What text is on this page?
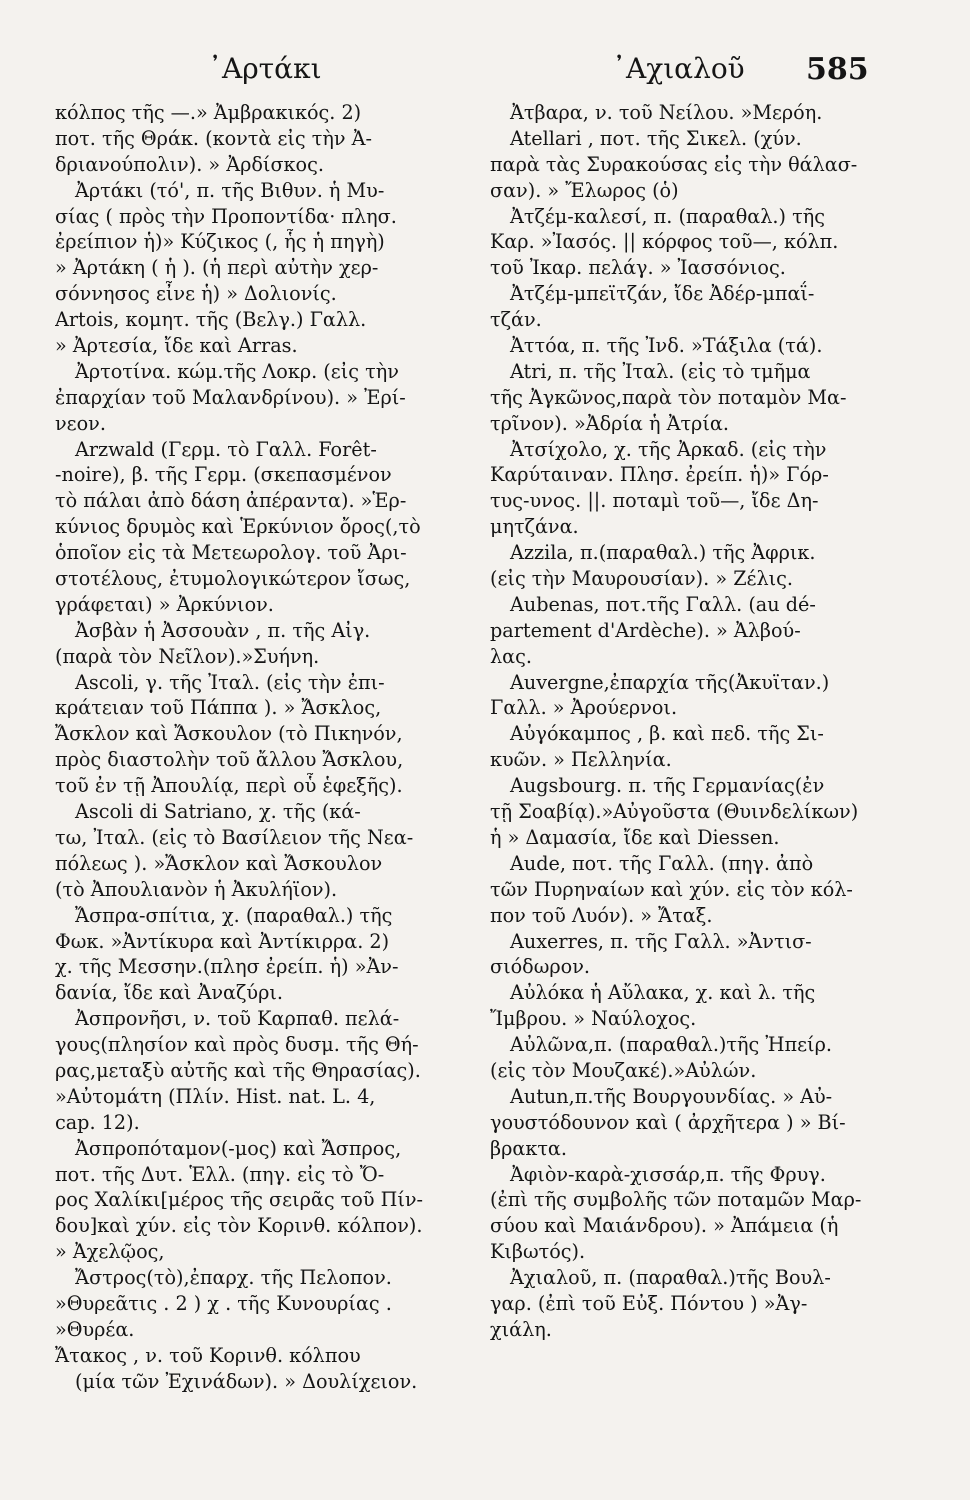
᾿Αρτάκι	᾿Αχιαλοῦ 585
κόλπος τῆς —.» Ἀμβρακικός. 2)
ποτ. τῆς Θράκ. (κοντὰ εἰς τὴν Ἀ-
δριανούπολιν). » Ἀρδίσκος.
Ἀρτάκι (τό', π. τῆς Βιθυν. ἡ Μυ-
σίας ( πρὸς τὴν Προποντίδα· πλησ.
ἐρείπιον ἡ)» Κύζικος (, ἧς ἡ πηγὴ)
» Ἀρτάκη ( ἡ ). (ἡ περὶ αὐτὴν χερ-
σόννησος εἶνε ἡ) » Δολιονίς.
Artois, κομητ. τῆς (Βελγ.) Γαλλ.
» Ἀρτεσία, ἴδε καὶ Arras.
Ἀρτοτίνα. κώμ.τῆς Λοκρ. (εἰς τὴν
ἐπαρχίαν τοῦ Μαλανδρίνου). » Ἐρί-
νεον.
Arzwald (Γερμ. τὸ Γαλλ. Forêt-
-noire), β. τῆς Γερμ. (σκεπασμένον
τὸ πάλαι ἀπὸ δάση ἀπέραντα). »Ἑρ-
κύνιος δρυμὸς καὶ Ἑρκύνιον ὄρος(,τὸ
ὁποῖον εἰς τὰ Μετεωρολογ. τοῦ Ἀρι-
στοτέλους, ἐτυμολογικώτερον ἴσως,
γράφεται) » Ἀρκύνιον.
Ἀσβὰν ἡ Ἀσσουὰν , π. τῆς Αἰγ.
(παρὰ τὸν Νεῖλον).»Συήνη.
Ascoli, γ. τῆς Ἰταλ. (εἰς τὴν ἐπι-
κράτειαν τοῦ Πάππα ). » Ἄσκλος,
Ἄσκλον καὶ Ἄσκουλον (τὸ Πικηνόν,
πρὸς διαστολὴν τοῦ ἄλλου Ἄσκλου,
τοῦ ἐν τῇ Ἀπουλίᾳ, περὶ οὗ ἑφεξῆς).
Ascoli di Satriano, χ. τῆς (κά-
τω, Ἰταλ. (εἰς τὸ Βασίλειον τῆς Νεα-
πόλεως ). »Ἄσκλον καὶ Ἄσκουλον
(τὸ Ἀπουλιανὸν ἡ Ἀκυλήϊον).
Ἄσπρα-σπίτια, χ. (παραθαλ.) τῆς
Φωκ. »Ἀντίκυρα καὶ Ἀντίκιρρα. 2)
χ. τῆς Μεσσην.(πλησ ἐρείπ. ἡ) »Ἀν-
δανία, ἴδε καὶ Ἀναζύρι.
Ἀσπρονῆσι, ν. τοῦ Καρπαθ. πελά-
γους(πλησίον καὶ πρὸς δυσμ. τῆς Θή-
ρας,μεταξὺ αὐτῆς καὶ τῆς Θηρασίας).
»Αὐτομάτη (Πλίν. Hist. nat. L. 4,
cap. 12).
Ἀσπροπόταμον(-μος) καὶ Ἄσπρος,
ποτ. τῆς Δυτ. Ἑλλ. (πηγ. εἰς τὸ Ὄ-
ρος Χαλίκι[μέρος τῆς σειρᾶς τοῦ Πίν-
δου]καὶ χύν. εἰς τὸν Κορινθ. κόλπον).
» Ἀχελῷος,
Ἄστρος(τὸ),ἐπαρχ. τῆς Πελοπον.
»Θυρεᾶτις . 2 ) χ . τῆς Κυνουρίας .
»Θυρέα.
Ἄτακος , ν. τοῦ Κορινθ. κόλπου
(μία τῶν Ἐχινάδων). » Δουλίχειον.
Ἀτβαρα, ν. τοῦ Νείλου. »Μερόη.
Atellari , ποτ. τῆς Σικελ. (χύν.
παρὰ τὰς Συρακούσας εἰς τὴν θάλασ-
σαν). » Ἔλωρος (ὁ)
Ἀτζέμ-καλεσί, π. (παραθαλ.) τῆς
Καρ. »Ἰασός. || κόρφος τοῦ—, κόλπ.
τοῦ Ἰκαρ. πελάγ. » Ἰασσόνιος.
Ἀτζέμ-μπεϊτζάν, ἴδε Ἀδέρ-μπαΐ-
τζάν.
Ἀττόα, π. τῆς Ἰνδ. »Τάξιλα (τά).
Atri, π. τῆς Ἰταλ. (εἰς τὸ τμῆμα
τῆς Ἀγκῶνος,παρὰ τὸν ποταμὸν Μα-
τρῖνον). »Ἀδρία ἡ Ἀτρία.
Ἀτσίχολο, χ. τῆς Ἀρκαδ. (εἰς τὴν
Καρύταιναν. Πλησ. ἐρείπ. ἡ)» Γόρ-
τυς-υνος. ||. ποταμὶ τοῦ—, ἴδε Δη-
μητζάνα.
Azzila, π.(παραθαλ.) τῆς Ἀφρικ.
(εἰς τὴν Μαυρουσίαν). » Ζέλις.
Aubenas, ποτ.τῆς Γαλλ. (au dé-
partement d'Ardèche). » Ἀλβού-
λας.
Auvergne,ἐπαρχία τῆς(Ἀκυϊταν.)
Γαλλ. » Ἀρούερνοι.
Αὐγόκαμπος , β. καὶ πεδ. τῆς Σι-
κυῶν. » Πελληνία.
Augsbourg. π. τῆς Γερμανίας(ἐν
τῇ Σοαβίᾳ).»Αὐγοῦστα (Θυινδελίκων)
ἡ » Δαμασία, ἴδε καὶ Diessen.
Aude, ποτ. τῆς Γαλλ. (πηγ. ἀπὸ
τῶν Πυρηναίων καὶ χύν. εἰς τὸν κόλ-
πον τοῦ Λυόν). » Ἄταξ.
Auxerres, π. τῆς Γαλλ. »Ἀντισ-
σιόδωρον.
Αὐλόκα ἡ Αὔλακα, χ. καὶ λ. τῆς
Ἴμβρου. » Ναύλοχος.
Αὐλῶνα,π. (παραθαλ.)τῆς Ἠπείρ.
(εἰς τὸν Μουζακέ).»Αὐλών.
Autun,π.τῆς Βουργουνδίας. » Αὐ-
γουστόδουνον καὶ ( ἀρχῆτερα ) » Βί-
βρακτα.
Ἀφιὸν-καρὰ-χισσάρ,π. τῆς Φρυγ.
(ἐπὶ τῆς συμβολῆς τῶν ποταμῶν Μαρ-
σύου καὶ Μαιάνδρου). » Ἀπάμεια (ἡ
Κιβωτός).
Ἀχιαλοῦ, π. (παραθαλ.)τῆς Βουλ-
γαρ. (ἐπὶ τοῦ Εὐξ. Πόντου ) »Ἀγ-
χιάλη.
